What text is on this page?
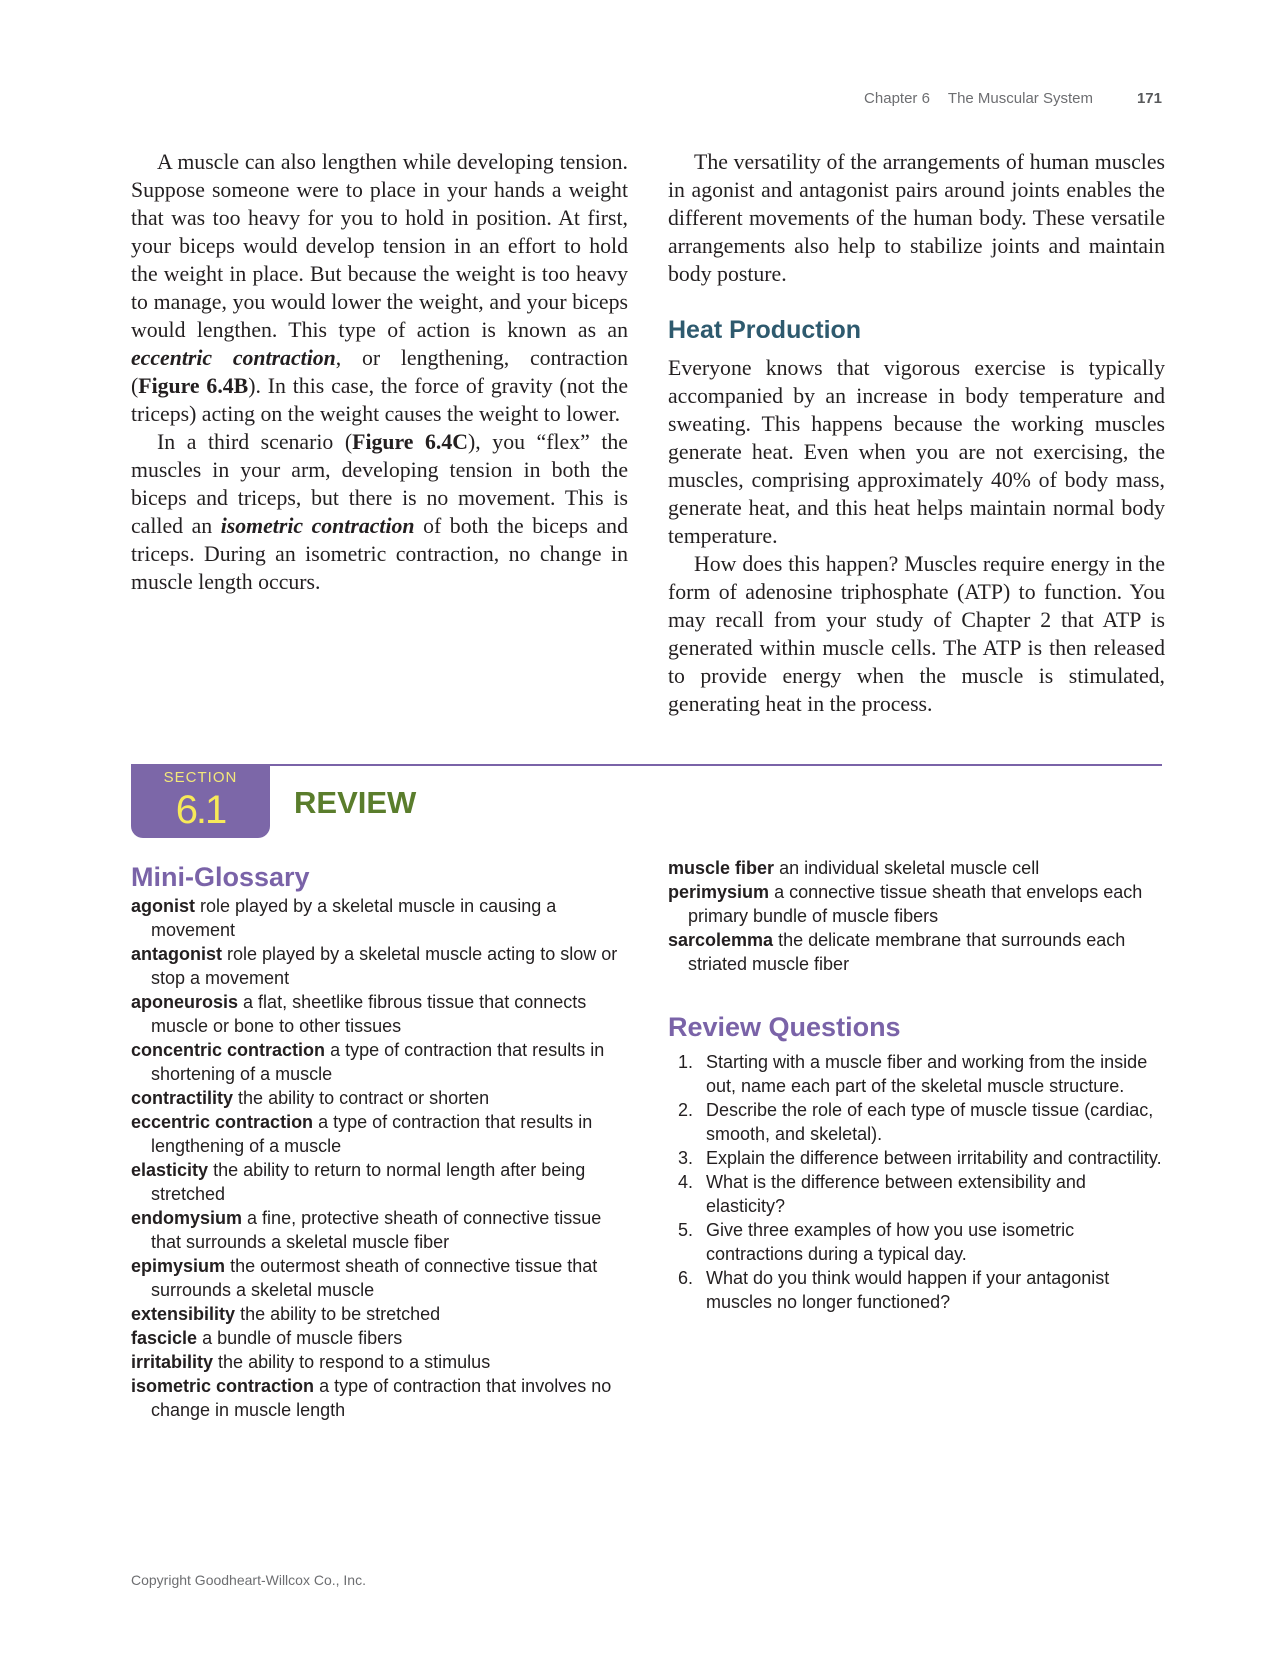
Chapter 6 The Muscular System	171

A muscle can also lengthen while developing tension. Suppose someone were to place in your hands a weight that was too heavy for you to hold in position. At first, your biceps would develop tension in an effort to hold the weight in place. But because the weight is too heavy to manage, you would lower the weight, and your biceps would lengthen. This type of action is known as an eccentric contraction, or lengthening, contraction (Figure 6.4B). In this case, the force of gravity (not the triceps) acting on the weight causes the weight to lower.

In a third scenario (Figure 6.4C), you “flex” the muscles in your arm, developing tension in both the biceps and triceps, but there is no movement. This is called an isometric contraction of both the biceps and triceps. During an isometric contraction, no change in muscle length occurs.

The versatility of the arrangements of human muscles in agonist and antagonist pairs around joints enables the different movements of the human body. These versatile arrangements also help to stabilize joints and maintain body posture.

Heat Production

Everyone knows that vigorous exercise is typically accompanied by an increase in body temperature and sweating. This happens because the working muscles generate heat. Even when you are not exercising, the muscles, comprising approximately 40% of body mass, generate heat, and this heat helps maintain normal body temperature.

How does this happen? Muscles require energy in the form of adenosine triphosphate (ATP) to function. You may recall from your study of Chapter 2 that ATP is generated within muscle cells. The ATP is then released to provide energy when the muscle is stimulated, generating heat in the process.

SECTION
6.1	REVIEW
Mini-Glossary
agonist role played by a skeletal muscle in causing a movement
antagonist role played by a skeletal muscle acting to slow or stop a movement
aponeurosis a flat, sheetlike fibrous tissue that connects muscle or bone to other tissues
concentric contraction a type of contraction that results in shortening of a muscle
contractility the ability to contract or shorten
eccentric contraction a type of contraction that results in lengthening of a muscle
elasticity the ability to return to normal length after being stretched
endomysium a fine, protective sheath of connective tissue that surrounds a skeletal muscle fiber
epimysium the outermost sheath of connective tissue that surrounds a skeletal muscle
extensibility the ability to be stretched
fascicle a bundle of muscle fibers
irritability the ability to respond to a stimulus
isometric contraction a type of contraction that involves no change in muscle length
muscle fiber an individual skeletal muscle cell
perimysium a connective tissue sheath that envelops each primary bundle of muscle fibers
sarcolemma the delicate membrane that surrounds each striated muscle fiber
Review Questions
1. Starting with a muscle fiber and working from the inside out, name each part of the skeletal muscle structure.
2. Describe the role of each type of muscle tissue (cardiac, smooth, and skeletal).
3. Explain the difference between irritability and contractility.
4. What is the difference between extensibility and elasticity?
5. Give three examples of how you use isometric contractions during a typical day.
6. What do you think would happen if your antagonist muscles no longer functioned?
Copyright Goodheart-Willcox Co., Inc.
